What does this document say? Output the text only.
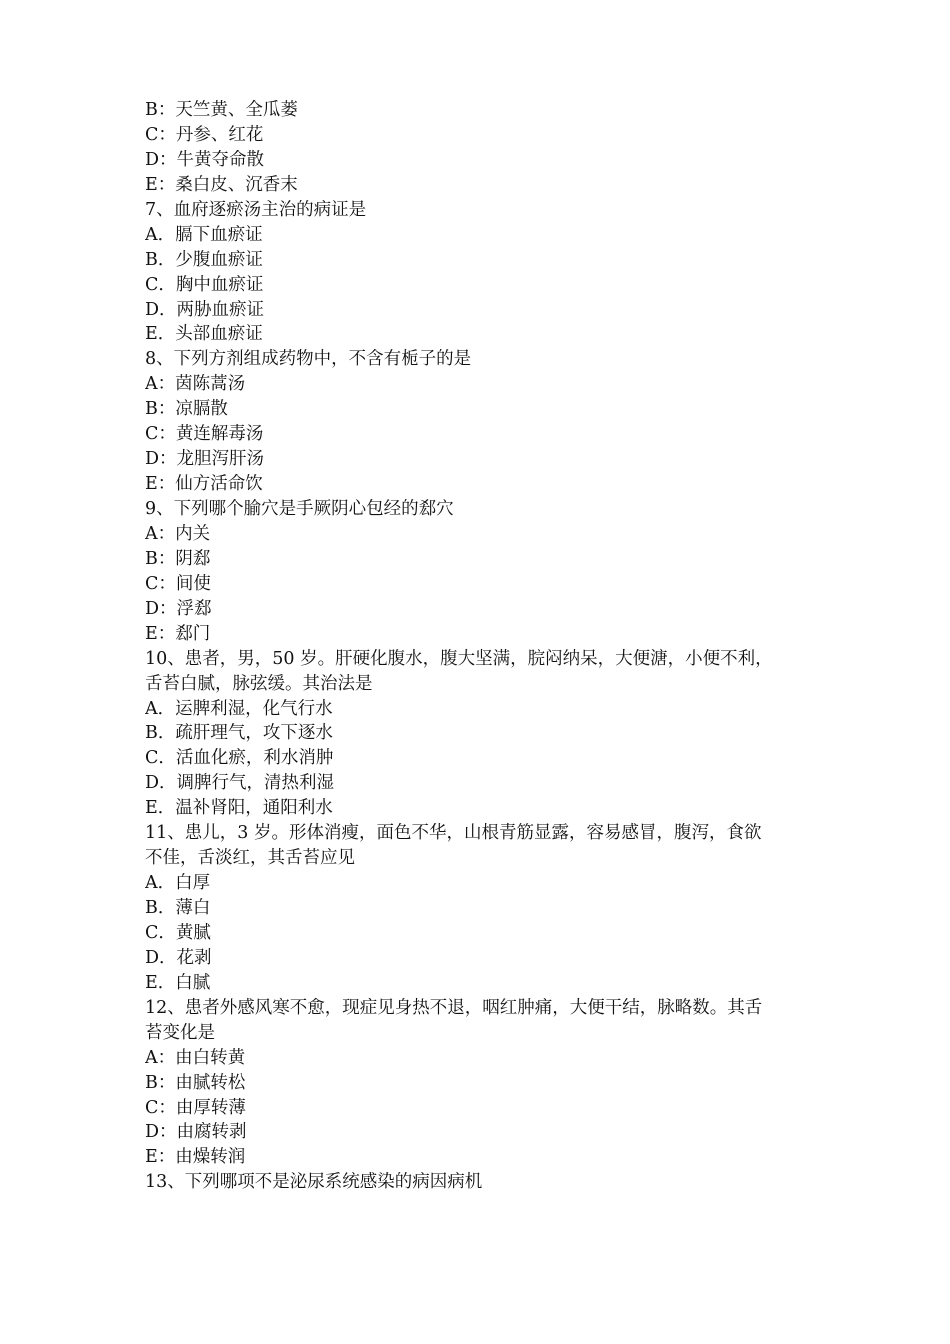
B：天竺黄、全瓜蒌
C：丹参、红花
D：牛黄夺命散
E：桑白皮、沉香末
7、血府逐瘀汤主治的病证是
A．膈下血瘀证
B．少腹血瘀证
C．胸中血瘀证
D．两胁血瘀证
E．头部血瘀证
8、下列方剂组成药物中，不含有栀子的是
A：茵陈蒿汤
B：凉膈散
C：黄连解毒汤
D：龙胆泻肝汤
E：仙方活命饮
9、下列哪个腧穴是手厥阴心包经的郄穴
A：内关
B：阴郄
C：间使
D：浮郄
E：郄门
10、患者，男，50 岁。肝硬化腹水，腹大坚满，脘闷纳呆，大便溏，小便不利，
舌苔白腻，脉弦缓。其治法是
A．运脾利湿，化气行水
B．疏肝理气，攻下逐水
C．活血化瘀，利水消肿
D．调脾行气，清热利湿
E．温补肾阳，通阳利水
11、患儿，3 岁。形体消瘦，面色不华，山根青筋显露，容易感冒，腹泻，食欲
不佳，舌淡红，其舌苔应见
A．白厚
B．薄白
C．黄腻
D．花剥
E．白腻
12、患者外感风寒不愈，现症见身热不退，咽红肿痛，大便干结，脉略数。其舌
苔变化是
A：由白转黄
B：由腻转松
C：由厚转薄
D：由腐转剥
E：由燥转润
13、下列哪项不是泌尿系统感染的病因病机
